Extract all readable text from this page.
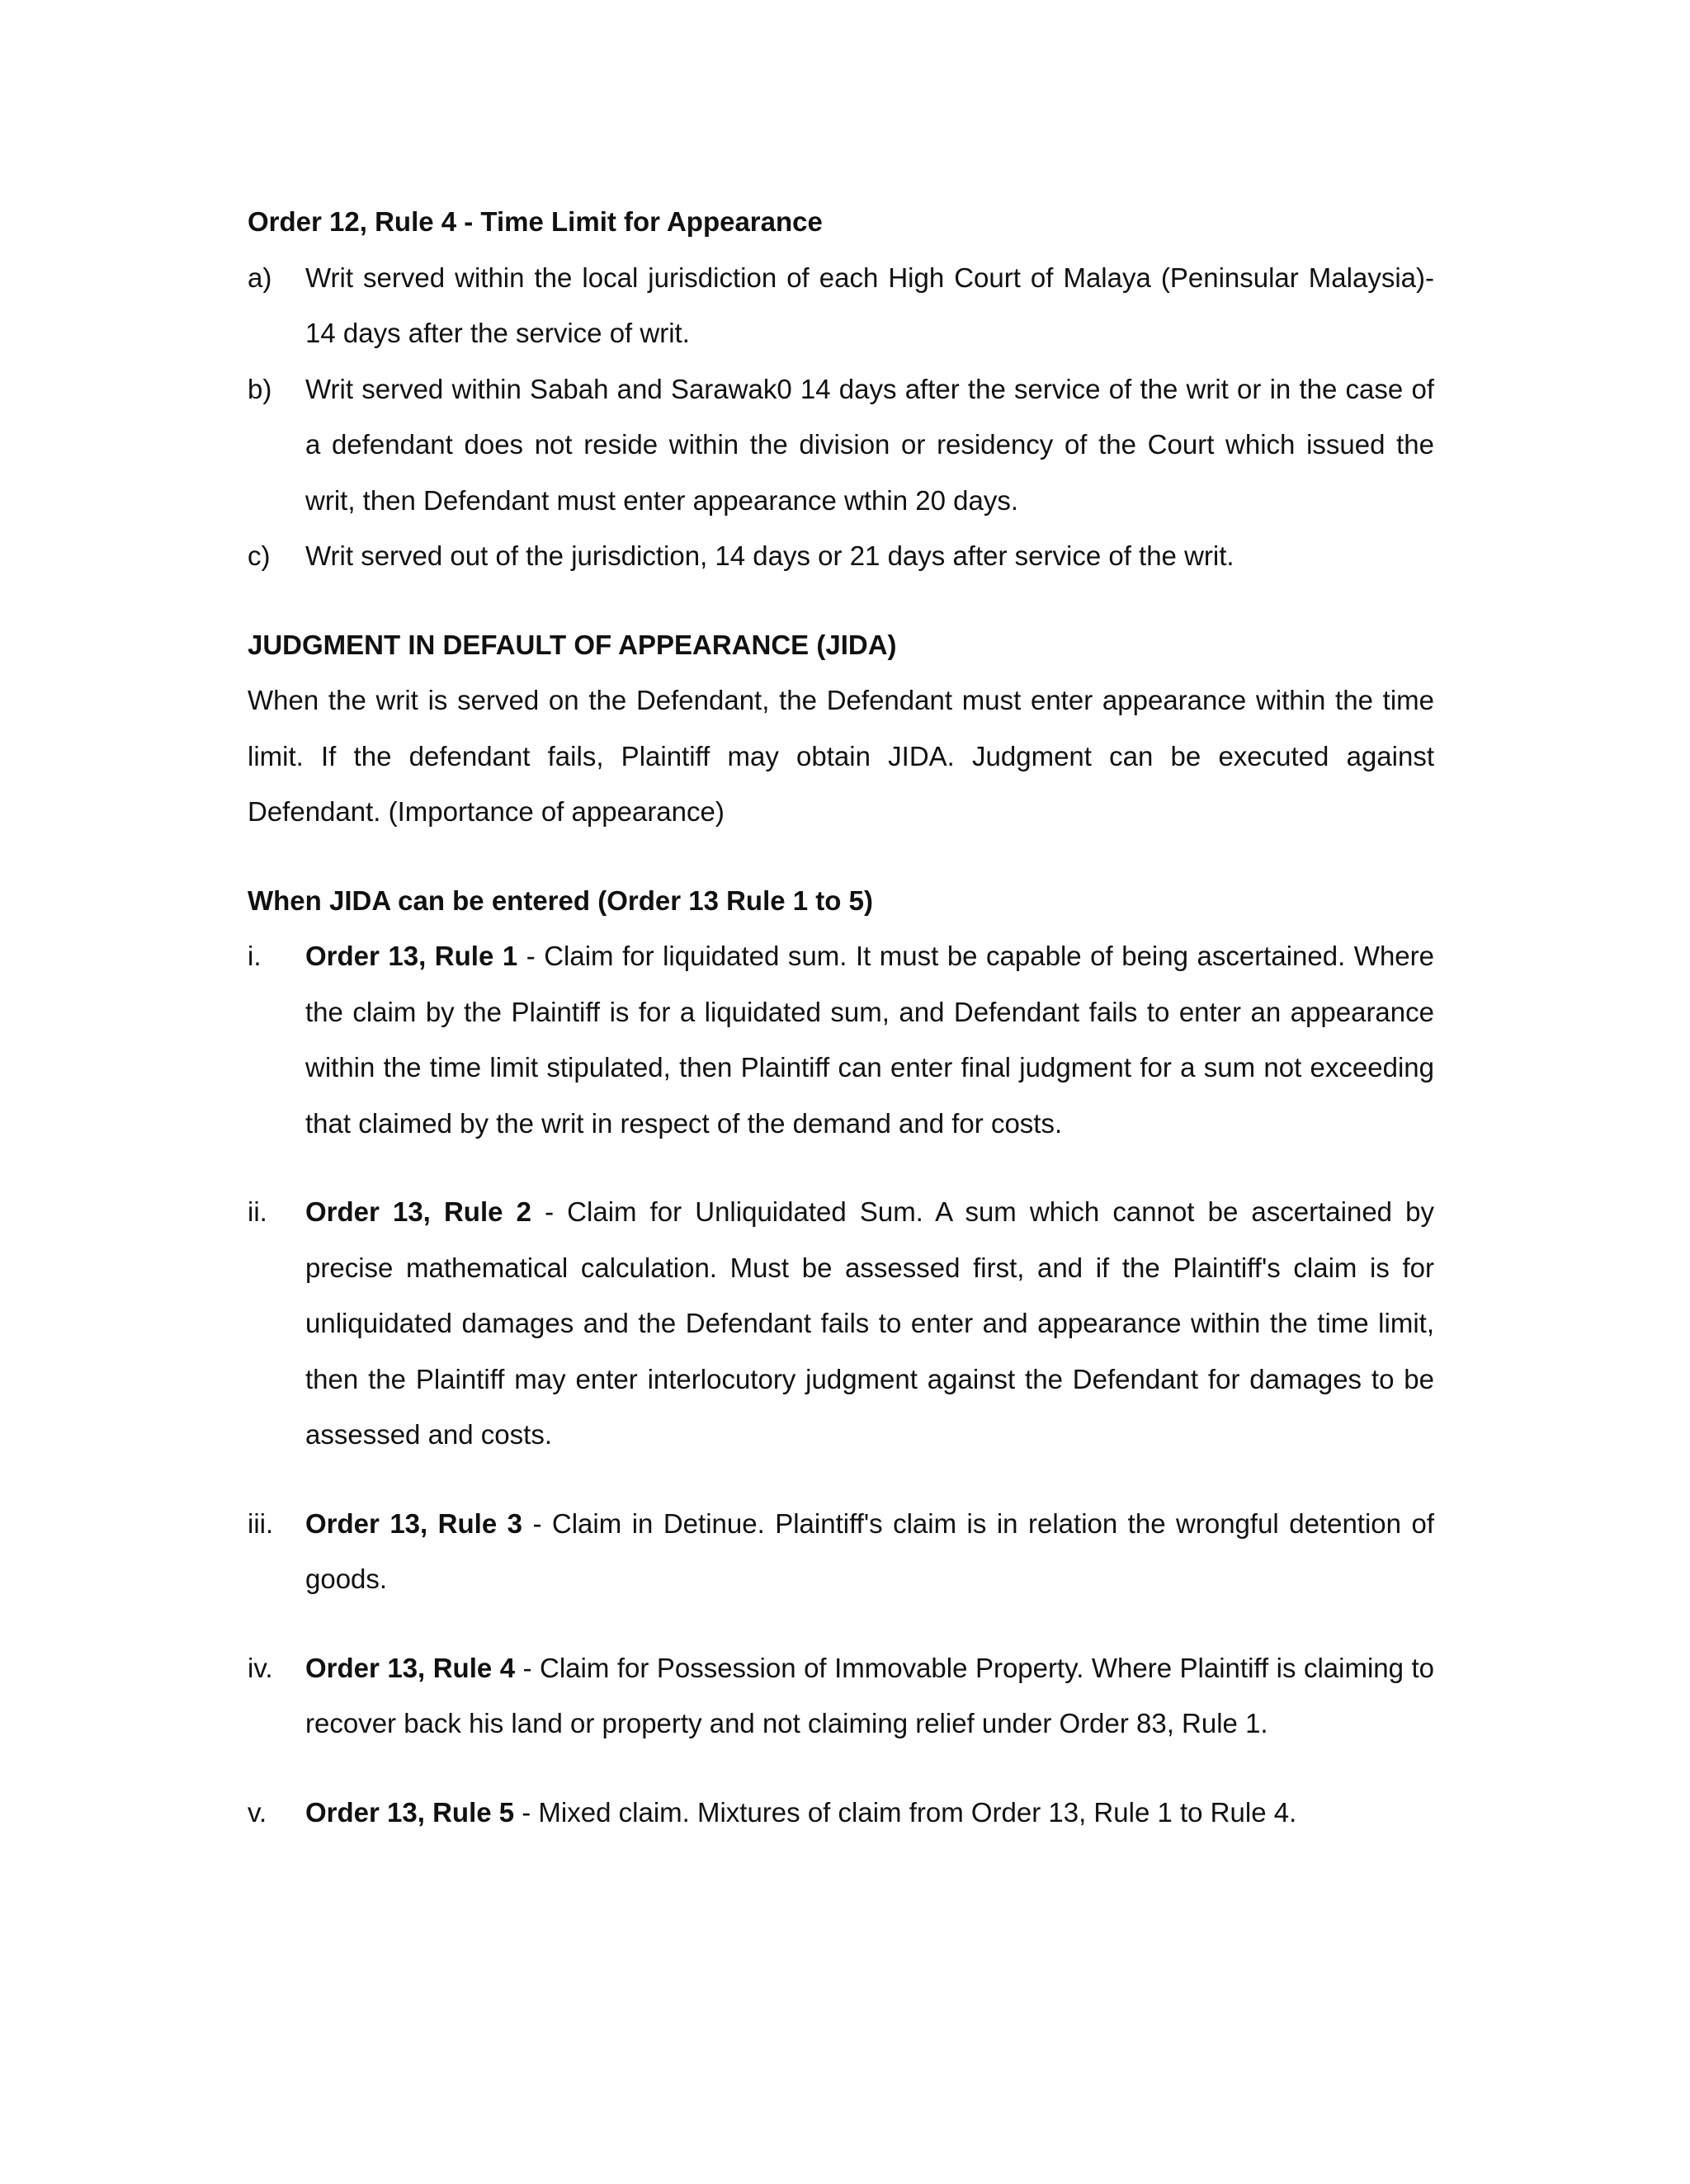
Order 12, Rule 4 - Time Limit for Appearance

a)	Writ served within the local jurisdiction of each High Court of Malaya (Peninsular Malaysia)- 14 days after the service of writ.
b)	Writ served within Sabah and Sarawak0 14 days after the service of the writ or in the case of a defendant does not reside within the division or residency of the Court which issued the writ, then Defendant must enter appearance wthin 20 days.
c)	Writ served out of the jurisdiction, 14 days or 21 days after service of the writ.

JUDGMENT IN DEFAULT OF APPEARANCE (JIDA)

When the writ is served on the Defendant, the Defendant must enter appearance within the time limit. If the defendant fails, Plaintiff may obtain JIDA. Judgment can be executed against Defendant. (Importance of appearance)

When JIDA can be entered (Order 13 Rule 1 to 5)

i.	Order 13, Rule 1 - Claim for liquidated sum. It must be capable of being ascertained. Where the claim by the Plaintiff is for a liquidated sum, and Defendant fails to enter an appearance within the time limit stipulated, then Plaintiff can enter final judgment for a sum not exceeding that claimed by the writ in respect of the demand and for costs.
ii.	Order 13, Rule 2 - Claim for Unliquidated Sum. A sum which cannot be ascertained by precise mathematical calculation. Must be assessed first, and if the Plaintiff's claim is for unliquidated damages and the Defendant fails to enter and appearance within the time limit, then the Plaintiff may enter interlocutory judgment against the Defendant for damages to be assessed and costs.
iii.	Order 13, Rule 3 - Claim in Detinue. Plaintiff's claim is in relation the wrongful detention of goods.
iv.	Order 13, Rule 4 - Claim for Possession of Immovable Property. Where Plaintiff is claiming to recover back his land or property and not claiming relief under Order 83, Rule 1.
v.	Order 13, Rule 5 - Mixed claim. Mixtures of claim from Order 13, Rule 1 to Rule 4.
